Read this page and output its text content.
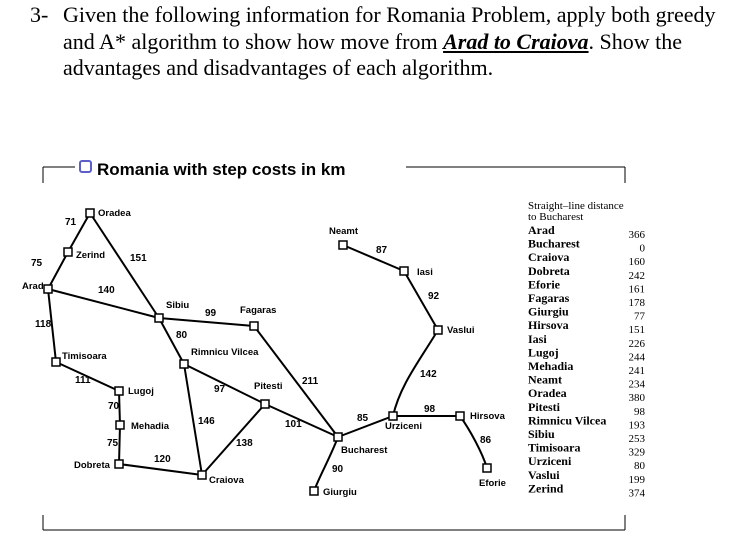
3- Given the following information for Romania Problem, apply both greedy and A* algorithm to show how move from Arad to Craiova. Show the advantages and disadvantages of each algorithm.
Romania with step costs in km
Oradea
Zerind
Arad
Timisoara
Lugoj
Mehadia
Dobreta
Sibiu	Fagaras
Rimnicu Vilcea
Pitesti
Craiova
Bucharest
Giurgiu
Urziceni
Neamt
Iasi
Vaslui
Hirsova
Eforie
71
75	151
140
118
111
70
75
120
99
80
97
146
138
211
101
90
85
87
92
142
98
86
Straight–line distance
to Bucharest
Arad	366
Bucharest	0
Craiova	160
Dobreta	242
Eforie	161
Fagaras	178
Giurgiu	77
Hirsova	151
Iasi	226
Lugoj	244
Mehadia	241
Neamt	234
Oradea	380
Pitesti	98
Rimnicu Vilcea 193
Sibiu	253
Timisoara	329
Urziceni	80
Vaslui	199
Zerind	374
